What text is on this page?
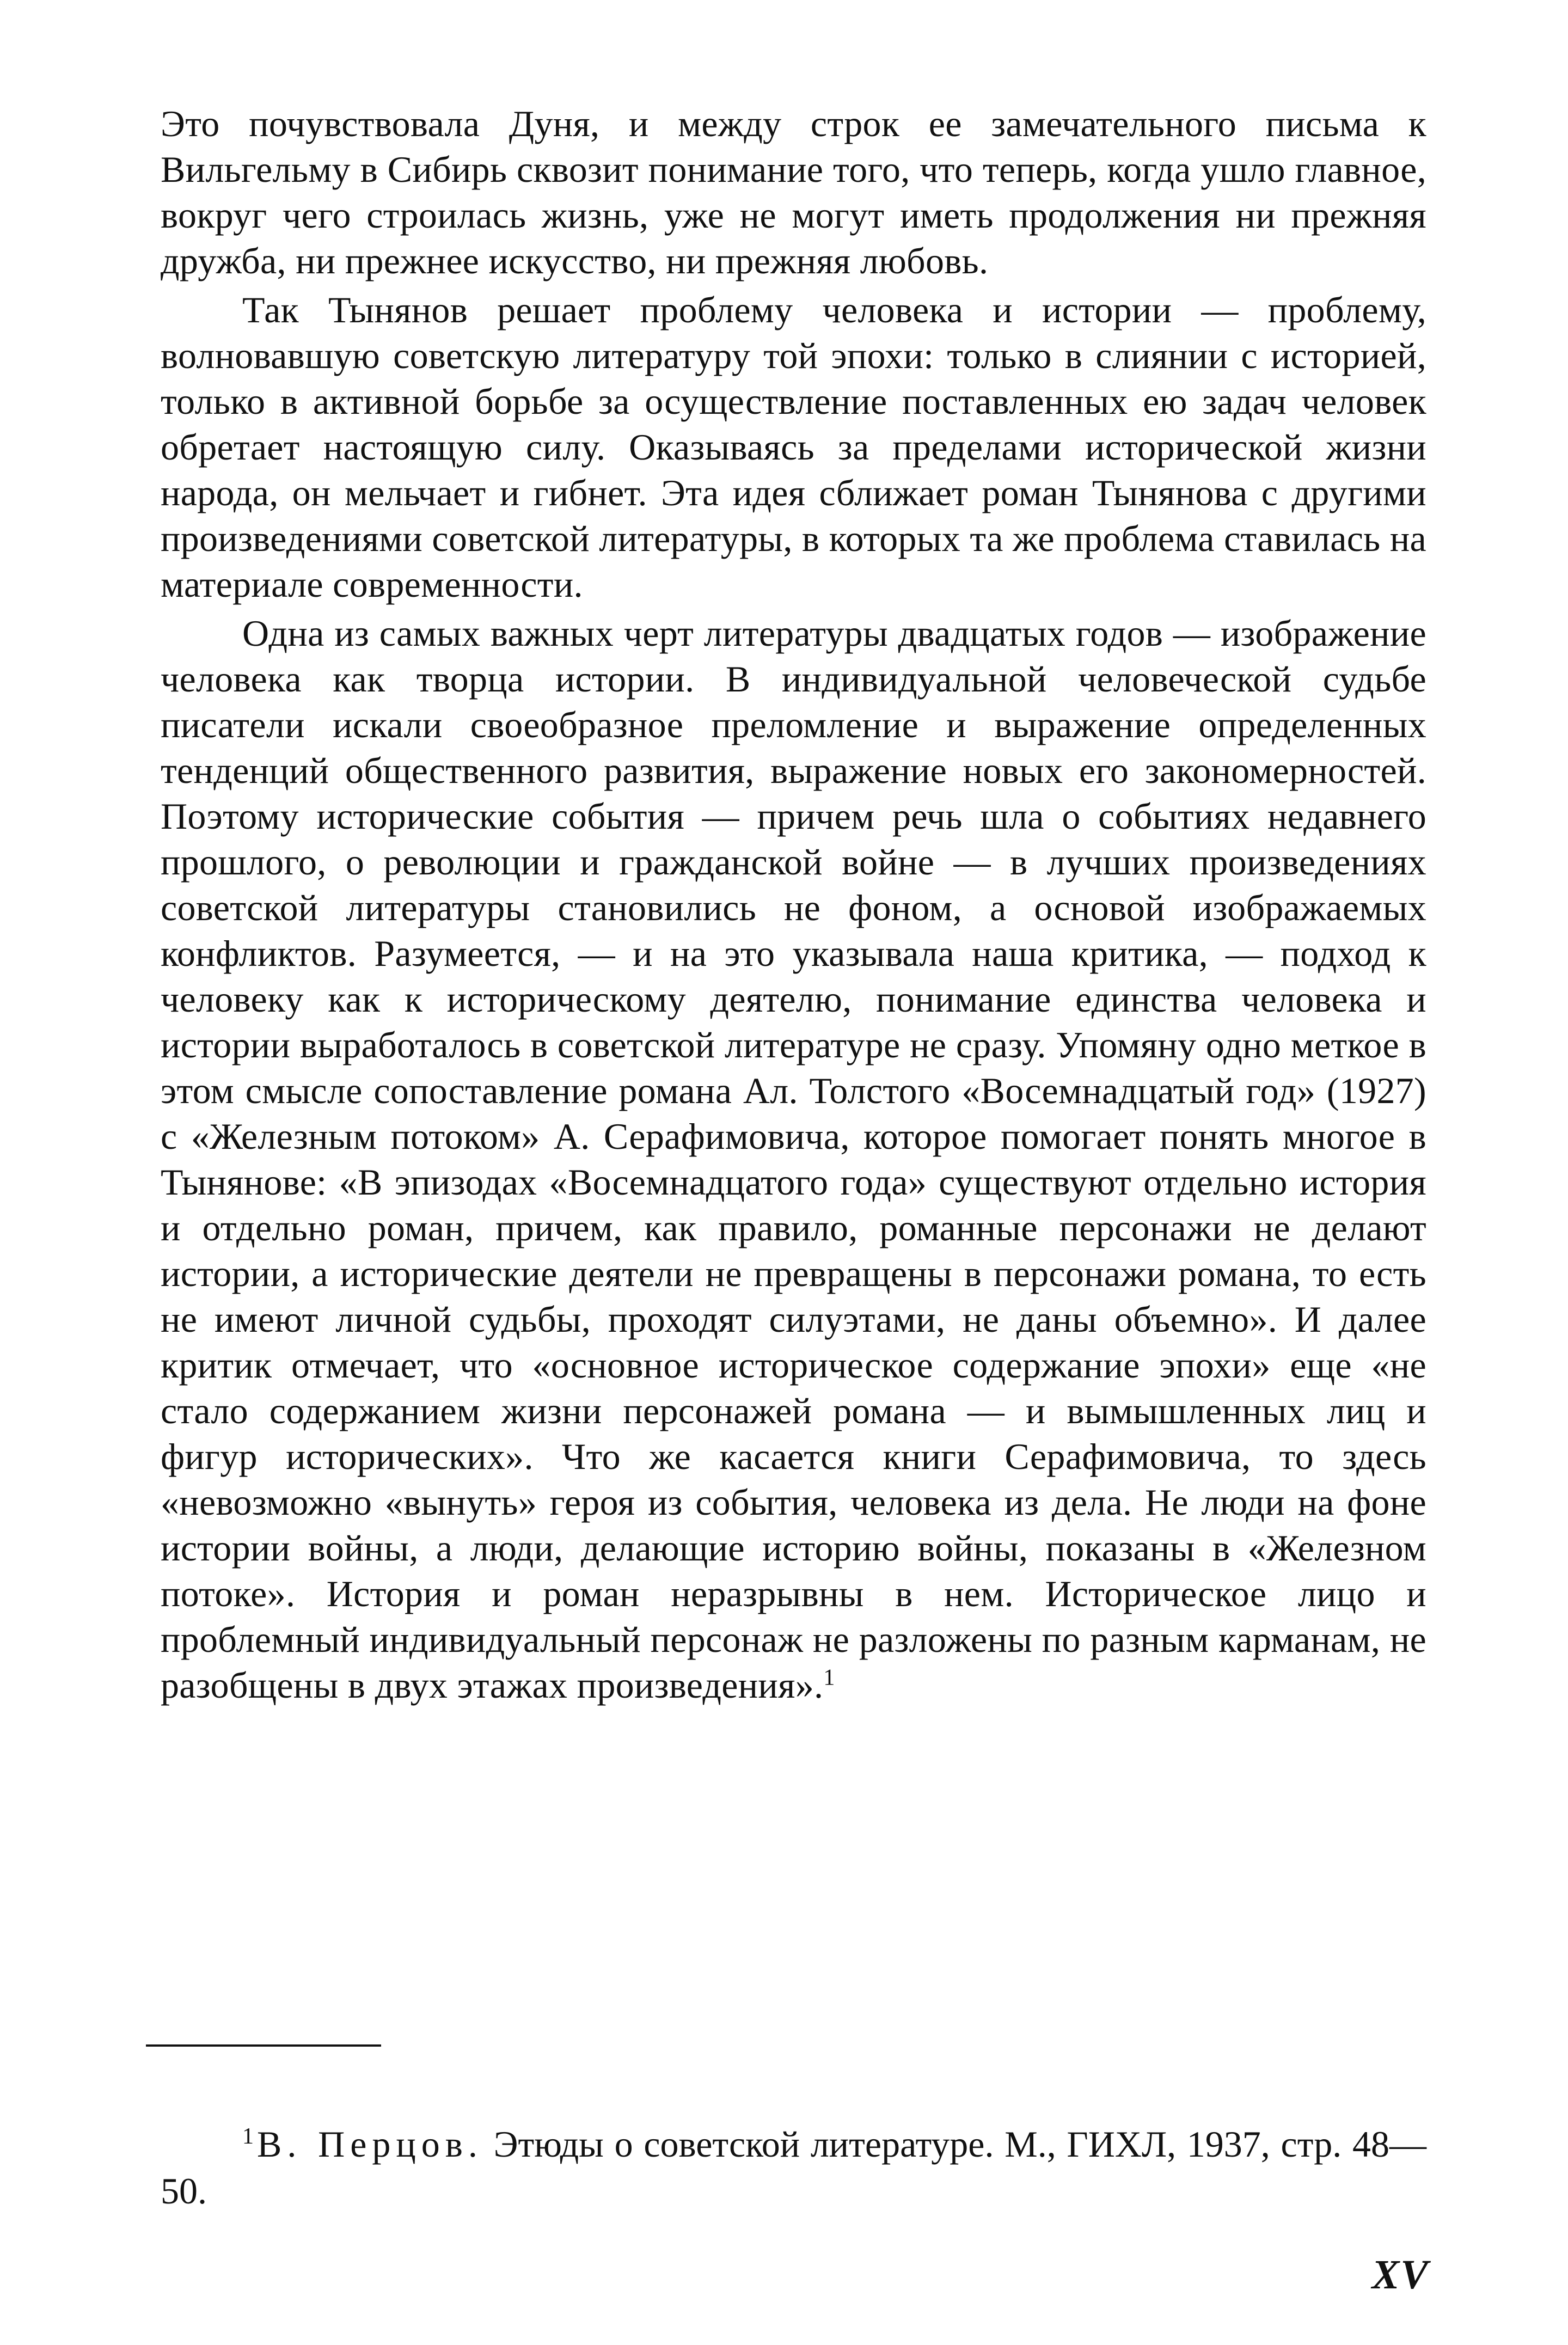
Это почувствовала Дуня, и между строк ее замечательного письма к Вильгельму в Сибирь сквозит понимание того, что теперь, когда ушло главное, вокруг чего строилась жизнь, уже не могут иметь продолжения ни прежняя дружба, ни прежнее искусство, ни прежняя любовь.

Так Тынянов решает проблему человека и истории — проблему, волновавшую советскую литературу той эпохи: только в слиянии с историей, только в активной борьбе за осуществление поставленных ею задач человек обретает настоящую силу. Оказываясь за пределами исторической жизни народа, он мельчает и гибнет. Эта идея сближает роман Тынянова с другими произведениями советской литературы, в которых та же проблема ставилась на материале современности.

Одна из самых важных черт литературы двадцатых годов — изображение человека как творца истории. В индивидуальной человеческой судьбе писатели искали своеобразное преломление и выражение определенных тенденций общественного развития, выражение новых его закономерностей. Поэтому исторические события — причем речь шла о событиях недавнего прошлого, о революции и гражданской войне — в лучших произведениях советской литературы становились не фоном, а основой изображаемых конфликтов. Разумеется, — и на это указывала наша критика, — подход к человеку как к историческому деятелю, понимание единства человека и истории выработалось в советской литературе не сразу. Упомяну одно меткое в этом смысле сопоставление романа Ал. Толстого «Восемнадцатый год» (1927) с «Железным потоком» А. Серафимовича, которое помогает понять многое в Тынянове: «В эпизодах «Восемнадцатого года» существуют отдельно история и отдельно роман, причем, как правило, романные персонажи не делают истории, а исторические деятели не превращены в персонажи романа, то есть не имеют личной судьбы, проходят силуэтами, не даны объемно». И далее критик отмечает, что «основное историческое содержание эпохи» еще «не стало содержанием жизни персонажей романа — и вымышленных лиц и фигур исторических». Что же касается книги Серафимовича, то здесь «невозможно «вынуть» героя из события, человека из дела. Не люди на фоне истории войны, а люди, делающие историю войны, показаны в «Железном потоке». История и роман неразрывны в нем. Историческое лицо и проблемный индивидуальный персонаж не разложены по разным карманам, не разобщены в двух этажах произведения».$^1$

$^1$В. Перцов. Этюды о советской литературе. М., ГИХЛ, 1937, стр. 48—50.

XV
